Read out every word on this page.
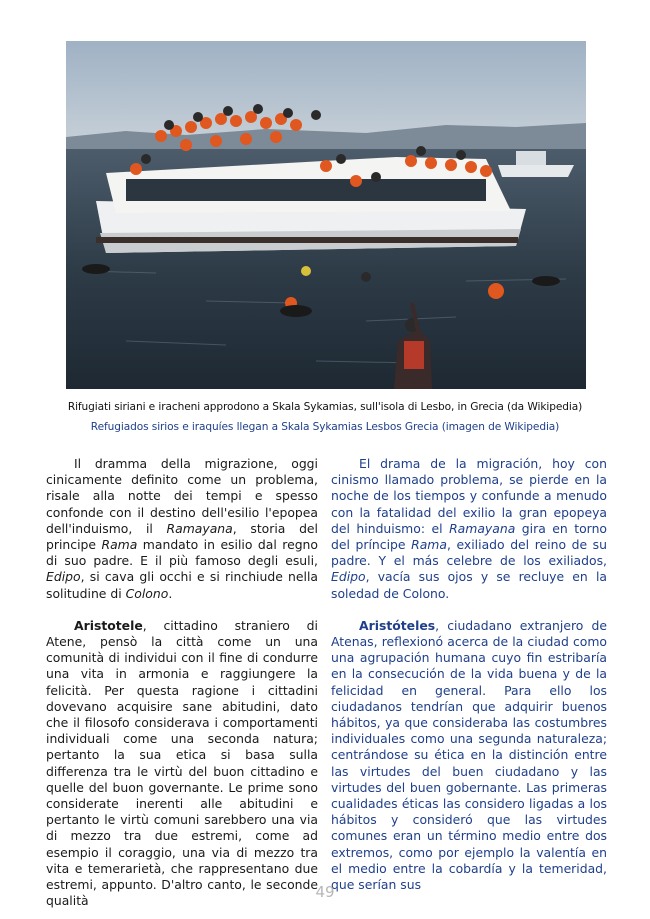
Rifugiati siriani e iracheni approdono a Skala Sykamias, sull'isola di Lesbo, in Grecia (da Wikipedia)
Refugiados sirios e iraquíes llegan a Skala Sykamias Lesbos Grecia (imagen de Wikipedia)

Il dramma della migrazione, oggi cinicamente definito come un problema, risale alla notte dei tempi e spesso confonde con il destino dell'esilio l'epopea dell'induismo, il Ramayana, storia del principe Rama mandato in esilio dal regno di suo padre. E il più famoso degli esuli, Edipo, si cava gli occhi e si rinchiude nella solitudine di Colono.

Aristotele, cittadino straniero di Atene, pensò la città come un una comunità di individui con il fine di condurre una vita in armonia e raggiungere la felicità. Per questa ragione i cittadini dovevano acquisire sane abitudini, dato che il filosofo considerava i comportamenti individuali come una seconda natura; pertanto la sua etica si basa sulla differenza tra le virtù del buon cittadino e quelle del buon governante. Le prime sono considerate inerenti alle abitudini e pertanto le virtù comuni sarebbero una via di mezzo tra due estremi, come ad esempio il coraggio, una via di mezzo tra vita e temerarietà, che rappresentano due estremi, appunto. D'altro canto, le seconde qualità

El drama de la migración, hoy con cinismo llamado problema, se pierde en la noche de los tiempos y confunde a menudo con la fatalidad del exilio la gran epopeya del hinduismo: el Ramayana gira en torno del príncipe Rama, exiliado del reino de su padre. Y el más celebre de los exiliados, Edipo, vacía sus ojos y se recluye en la soledad de Colono.

Aristóteles, ciudadano extranjero de Atenas, reflexionó acerca de la ciudad como una agrupación humana cuyo fin estribaría en la consecución de la vida buena y de la felicidad en general. Para ello los ciudadanos tendrían que adquirir buenos hábitos, ya que consideraba las costumbres individuales como una segunda naturaleza; centrándose su ética en la distinción entre las virtudes del buen ciudadano y las virtudes del buen gobernante. Las primeras cualidades éticas las considero ligadas a los hábitos y consideró que las virtudes comunes eran un término medio entre dos extremos, como por ejemplo la valentía en el medio entre la cobardía y la temeridad, que serían sus

49
